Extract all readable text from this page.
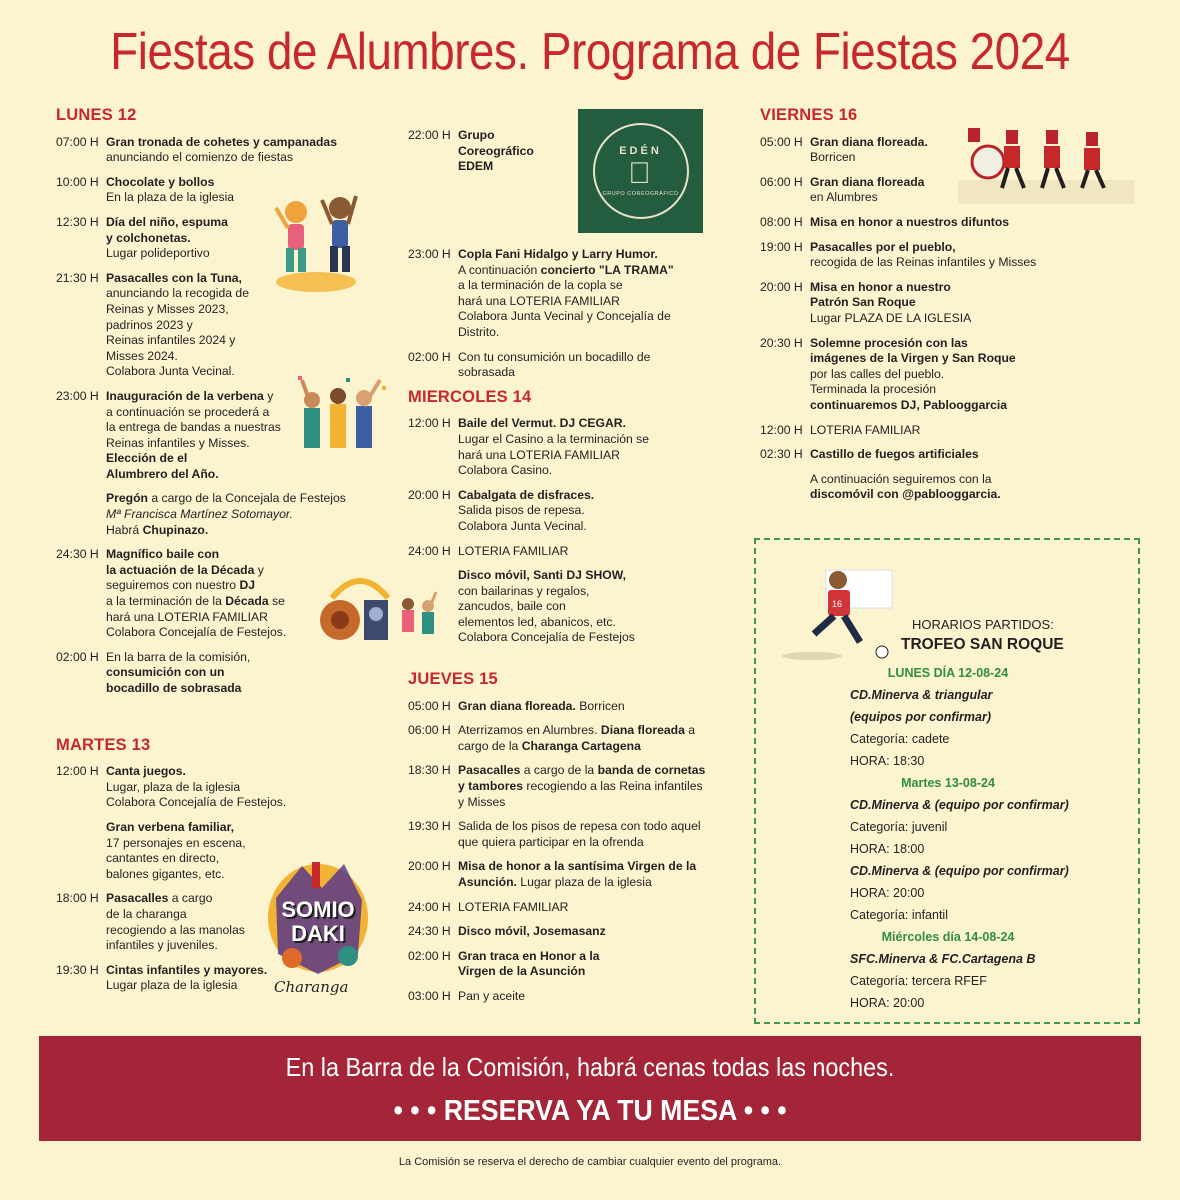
Fiestas de Alumbres. Programa de Fiestas 2024
LUNES 12
07:00 H Gran tronada de cohetes y campanadas
anunciando el comienzo de fiestas
10:00 H Chocolate y bollos
En la plaza de la iglesia
12:30 H Día del niño, espuma
y colchonetas.
Lugar polideportivo
21:30 H Pasacalles con la Tuna,
anunciando la recogida de
Reinas y Misses 2023,
padrinos 2023 y
Reinas infantiles 2024 y
Misses 2024.
Colabora Junta Vecinal.
23:00 H Inauguración de la verbena y
a continuación se procederá a
la entrega de bandas a nuestras
Reinas infantiles y Misses.
Elección de el
Alumbrero del Año.
Pregón a cargo de la Concejala de Festejos
Mª Francisca Martínez Sotomayor.
Habrá Chupinazo.
24:30 H Magnífico baile con
la actuación de la Década y
seguiremos con nuestro DJ
a la terminación de la Década se
hará una LOTERIA FAMILIAR
Colabora Concejalía de Festejos.
02:00 H En la barra de la comisión,
consumición con un
bocadillo de sobrasada
MARTES 13
12:00 H Canta juegos.
Lugar, plaza de la iglesia
Colabora Concejalía de Festejos.
Gran verbena familiar,
17 personajes en escena,
cantantes en directo,
balones gigantes, etc.
18:00 H Pasacalles a cargo
de la charanga
recogiendo a las manolas
infantiles y juveniles.
19:30 H Cintas infantiles y mayores.
Lugar plaza de la iglesia
SOMIO
DAKI
Charanga
22:00 H Grupo
Coreográfico
EDEM
23:00 H Copla Fani Hidalgo y Larry Humor.
A continuación concierto "LA TRAMA"
a la terminación de la copla se
hará una LOTERIA FAMILIAR
Colabora Junta Vecinal y Concejalía de
Distrito.
02:00 H Con tu consumición un bocadillo de
sobrasada
MIERCOLES 14
12:00 H Baile del Vermut. DJ CEGAR.
Lugar el Casino a la terminación se
hará una LOTERIA FAMILIAR
Colabora Casino.
20:00 H Cabalgata de disfraces.
Salida pisos de repesa.
Colabora Junta Vecinal.
24:00 H LOTERIA FAMILIAR
Disco móvil, Santi DJ SHOW,
con bailarinas y regalos,
zancudos, baile con
elementos led, abanicos, etc.
Colabora Concejalía de Festejos
JUEVES 15
05:00 H Gran diana floreada. Borricen
06:00 H Aterrizamos en Alumbres. Diana floreada a
cargo de la Charanga Cartagena
18:30 H Pasacalles a cargo de la banda de cornetas
y tambores recogiendo a las Reina infantiles
y Misses
19:30 H Salida de los pisos de repesa con todo aquel
que quiera participar en la ofrenda
20:00 H Misa de honor a la santísima Virgen de la
Asunción. Lugar plaza de la iglesia
24:00 H LOTERIA FAMILIAR
24:30 H Disco móvil, Josemasanz
02:00 H Gran traca en Honor a la
Virgen de la Asunción
03:00 H Pan y aceite
EDÉN
GRUPO COREOGRÁFICO
VIERNES 16
05:00 H Gran diana floreada.
Borricen
06:00 H Gran diana floreada
en Alumbres
08:00 H Misa en honor a nuestros difuntos
19:00 H Pasacalles por el pueblo,
recogida de las Reinas infantiles y Misses
20:00 H Misa en honor a nuestro
Patrón San Roque
Lugar PLAZA DE LA IGLESIA
20:30 H Solemne procesión con las
imágenes de la Virgen y San Roque
por las calles del pueblo.
Terminada la procesión
continuaremos DJ, Pablooggarcia
12:00 H LOTERIA FAMILIAR
02:30 H Castillo de fuegos artificiales
A continuación seguiremos con la
discomóvil con @pablooggarcia.
16
HORARIOS PARTIDOS:
TROFEO SAN ROQUE
LUNES DÍA 12-08-24
CD.Minerva & triangular
(equipos por confirmar)
Categoría: cadete
HORA: 18:30
Martes 13-08-24
CD.Minerva & (equipo por confirmar)
Categoría: juvenil
HORA: 18:00
CD.Minerva & (equipo por confirmar)
HORA: 20:00
Categoría: infantil
Miércoles día 14-08-24
SFC.Minerva & FC.Cartagena B
Categoría: tercera RFEF
HORA: 20:00
En la Barra de la Comisión, habrá cenas todas las noches.
• • • RESERVA YA TU MESA • • •
La Comisión se reserva el derecho de cambiar cualquier evento del programa.
